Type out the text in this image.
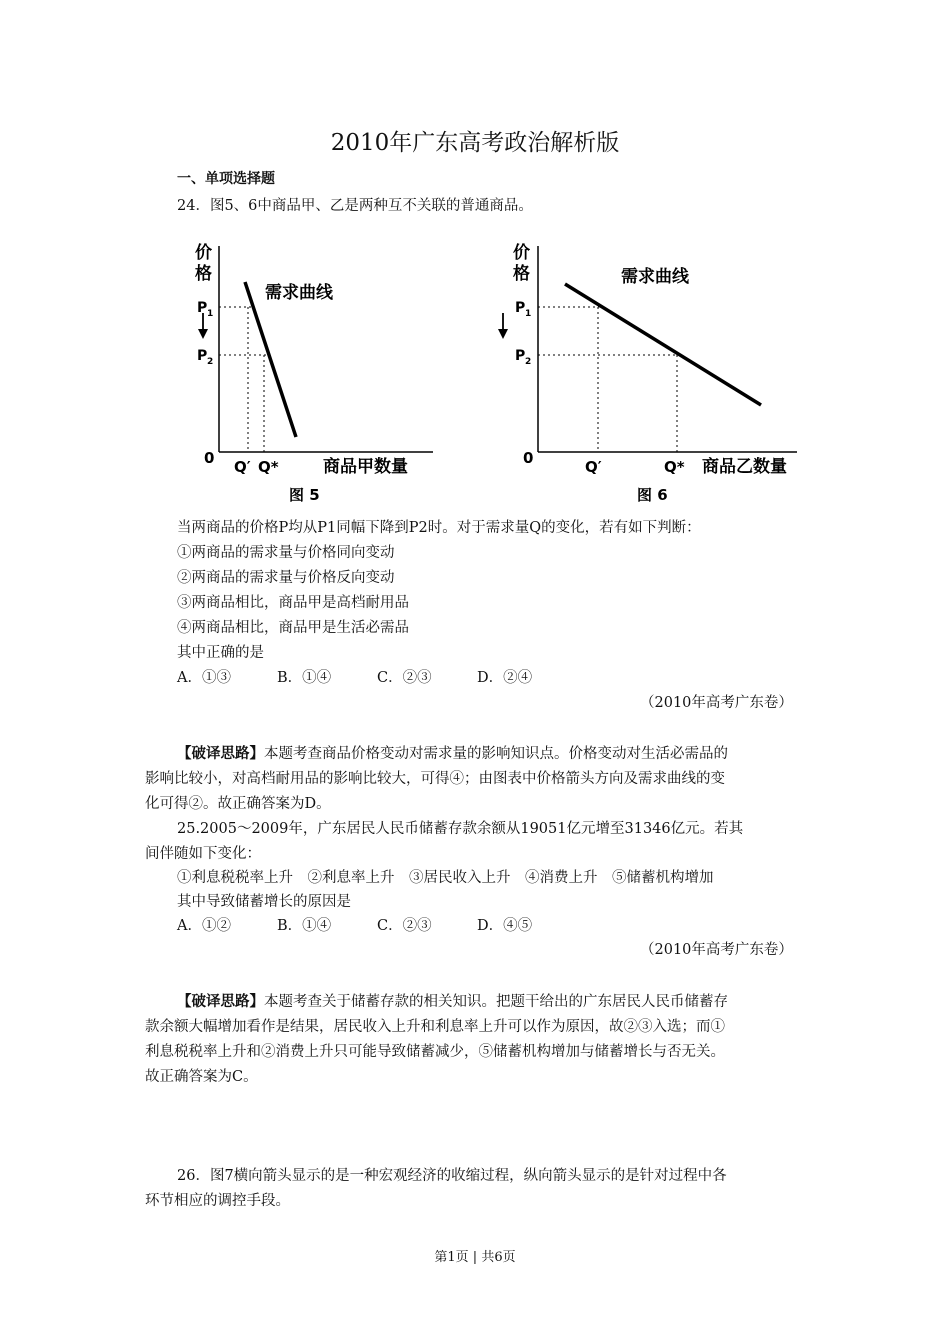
2010年广东高考政治解析版
一、单项选择题
24．图5、6中商品甲、乙是两种互不关联的普通商品。
价
格
P 1
P 2
需求曲线
0 Q′ Q*	商品甲数量
图 5
价
格
P 1
P 2
需求曲线
0	Q′	Q* 商品乙数量
图 6
当两商品的价格P均从P1同幅下降到P2时。对于需求量Q的变化，若有如下判断：
①两商品的需求量与价格同向变动
②两商品的需求量与价格反向变动
③两商品相比，商品甲是高档耐用品
④两商品相比，商品甲是生活必需品
其中正确的是
A．①③	B．①④	C．②③	D．②④
（2010年高考广东卷）
【破译思路】本题考查商品价格变动对需求量的影响知识点。价格变动对生活必需品的
影响比较小，对高档耐用品的影响比较大，可得④；由图表中价格箭头方向及需求曲线的变
化可得②。故正确答案为D。
25.2005～2009年，广东居民人民币储蓄存款余额从19051亿元增至31346亿元。若其
间伴随如下变化：
①利息税税率上升　②利息率上升　③居民收入上升　④消费上升　⑤储蓄机构增加
其中导致储蓄增长的原因是
A．①②	B．①④	C．②③	D．④⑤
（2010年高考广东卷）
【破译思路】本题考查关于储蓄存款的相关知识。把题干给出的广东居民人民币储蓄存
款余额大幅增加看作是结果，居民收入上升和利息率上升可以作为原因，故②③入选；而①
利息税税率上升和②消费上升只可能导致储蓄减少，⑤储蓄机构增加与储蓄增长与否无关。
故正确答案为C。
26．图7横向箭头显示的是一种宏观经济的收缩过程，纵向箭头显示的是针对过程中各
环节相应的调控手段。
第1页 | 共6页
